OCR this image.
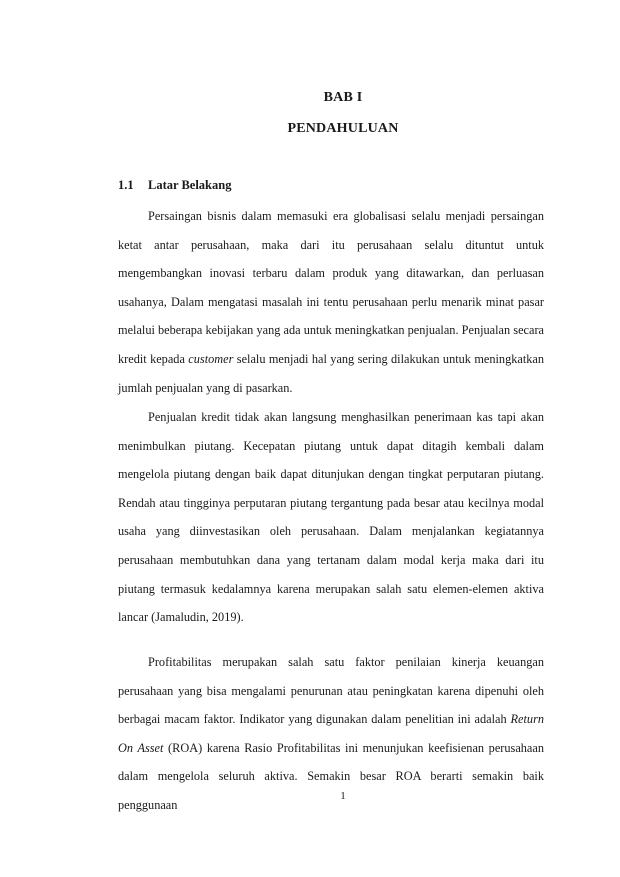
BAB I
PENDAHULUAN
1.1 Latar Belakang

Persaingan bisnis dalam memasuki era globalisasi selalu menjadi persaingan ketat antar perusahaan, maka dari itu perusahaan selalu dituntut untuk mengembangkan inovasi terbaru dalam produk yang ditawarkan, dan perluasan usahanya, Dalam mengatasi masalah ini tentu perusahaan perlu menarik minat pasar melalui beberapa kebijakan yang ada untuk meningkatkan penjualan. Penjualan secara kredit kepada customer selalu menjadi hal yang sering dilakukan untuk meningkatkan jumlah penjualan yang di pasarkan.

Penjualan kredit tidak akan langsung menghasilkan penerimaan kas tapi akan menimbulkan piutang. Kecepatan piutang untuk dapat ditagih kembali dalam mengelola piutang dengan baik dapat ditunjukan dengan tingkat perputaran piutang. Rendah atau tingginya perputaran piutang tergantung pada besar atau kecilnya modal usaha yang diinvestasikan oleh perusahaan. Dalam menjalankan kegiatannya perusahaan membutuhkan dana yang tertanam dalam modal kerja maka dari itu piutang termasuk kedalamnya karena merupakan salah satu elemen-elemen aktiva lancar (Jamaludin, 2019).

Profitabilitas merupakan salah satu faktor penilaian kinerja keuangan perusahaan yang bisa mengalami penurunan atau peningkatan karena dipenuhi oleh berbagai macam faktor. Indikator yang digunakan dalam penelitian ini adalah Return On Asset (ROA) karena Rasio Profitabilitas ini menunjukan keefisienan perusahaan dalam mengelola seluruh aktiva. Semakin besar ROA berarti semakin baik penggunaan

1
